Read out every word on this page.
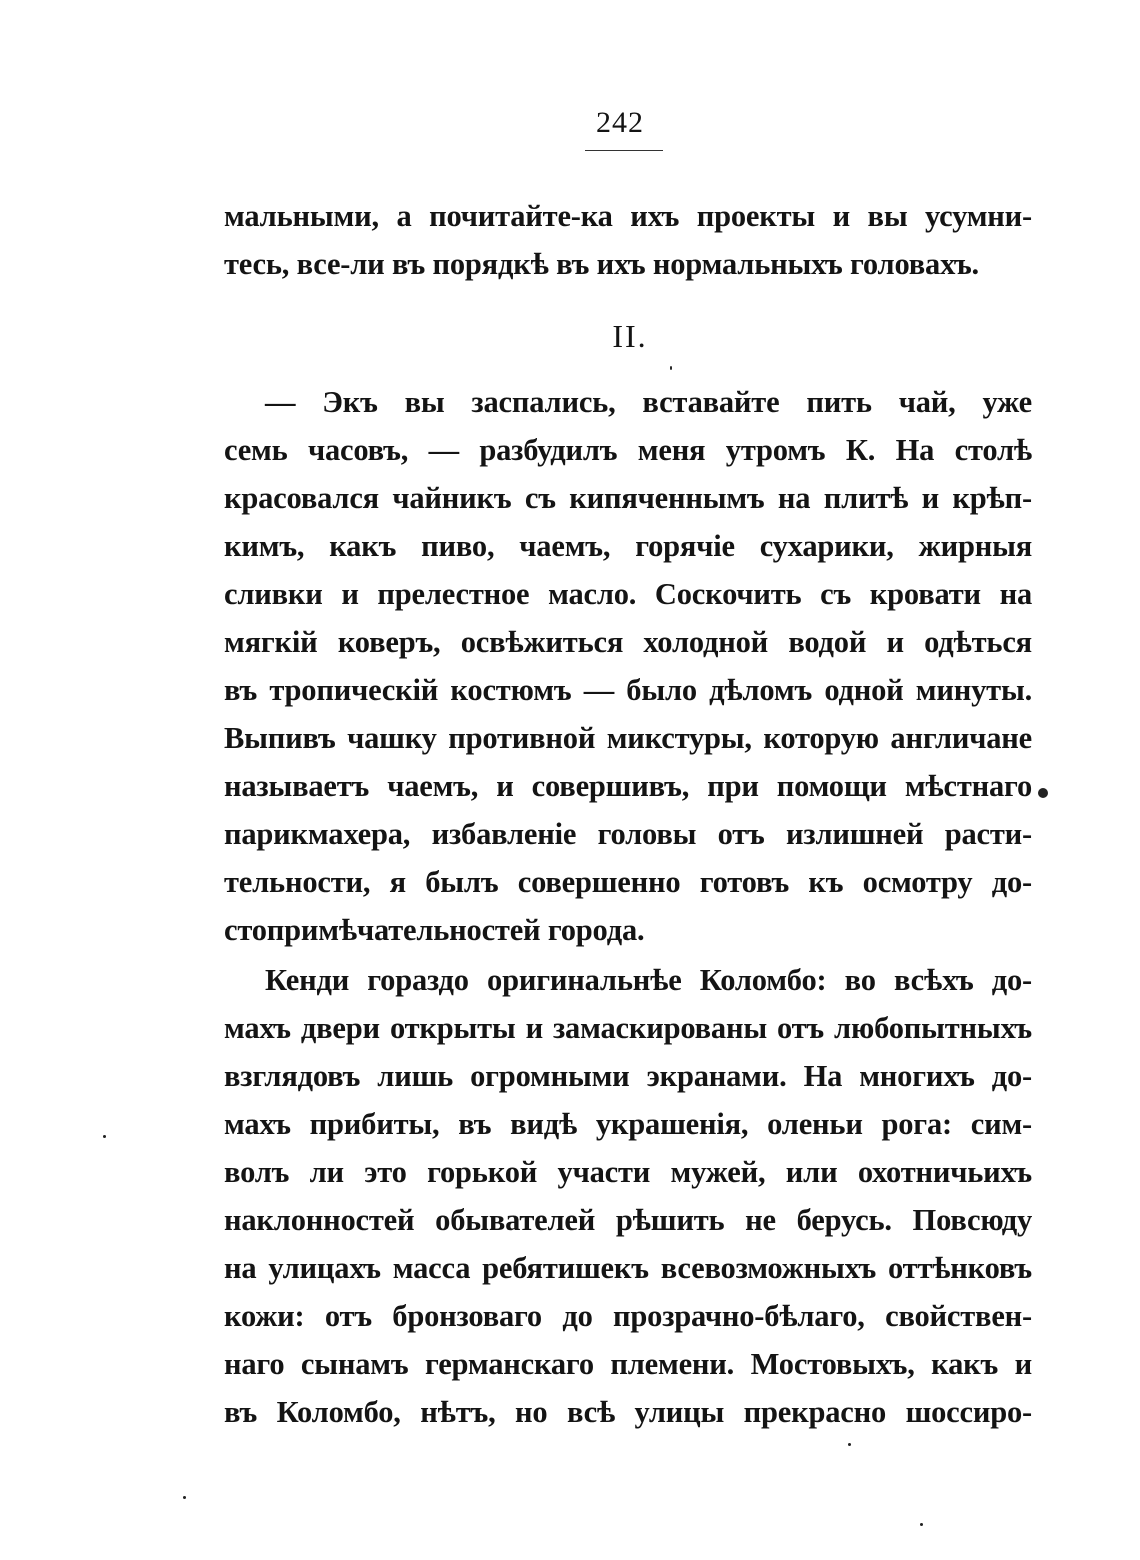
242
мальными, а почитайте-ка ихъ проекты и вы усумни-
тесь, все-ли въ порядкѣ въ ихъ нормальныхъ головахъ.
II.
— Экъ вы заспались, вставайте пить чай, уже
семь часовъ, — разбудилъ меня утромъ К. На столѣ
красовался чайникъ съ кипяченнымъ на плитѣ и крѣп-
кимъ, какъ пиво, чаемъ, горячіе сухарики, жирныя
сливки и прелестное масло. Соскочить съ кровати на
мягкій коверъ, освѣжиться холодной водой и одѣться
въ тропическій костюмъ — было дѣломъ одной минуты.
Выпивъ чашку противной микстуры, которую англичане
называетъ чаемъ, и совершивъ, при помощи мѣстнаго
парикмахера, избавленіе головы отъ излишней расти-
тельности, я былъ совершенно готовъ къ осмотру до-
стопримѣчательностей города.
Кенди гораздо оригинальнѣе Коломбо: во всѣхъ до-
махъ двери открыты и замаскированы отъ любопытныхъ
взглядовъ лишь огромными экранами. На многихъ до-
махъ прибиты, въ видѣ украшенія, оленьи рога: сим-
волъ ли это горькой участи мужей, или охотничьихъ
наклонностей обывателей рѣшить не берусь. Повсюду
на улицахъ масса ребятишекъ всевозможныхъ оттѣнковъ
кожи: отъ бронзоваго до прозрачно-бѣлаго, свойствен-
наго сынамъ германскаго племени. Мостовыхъ, какъ и
въ Коломбо, нѣтъ, но всѣ улицы прекрасно шоссиро-
